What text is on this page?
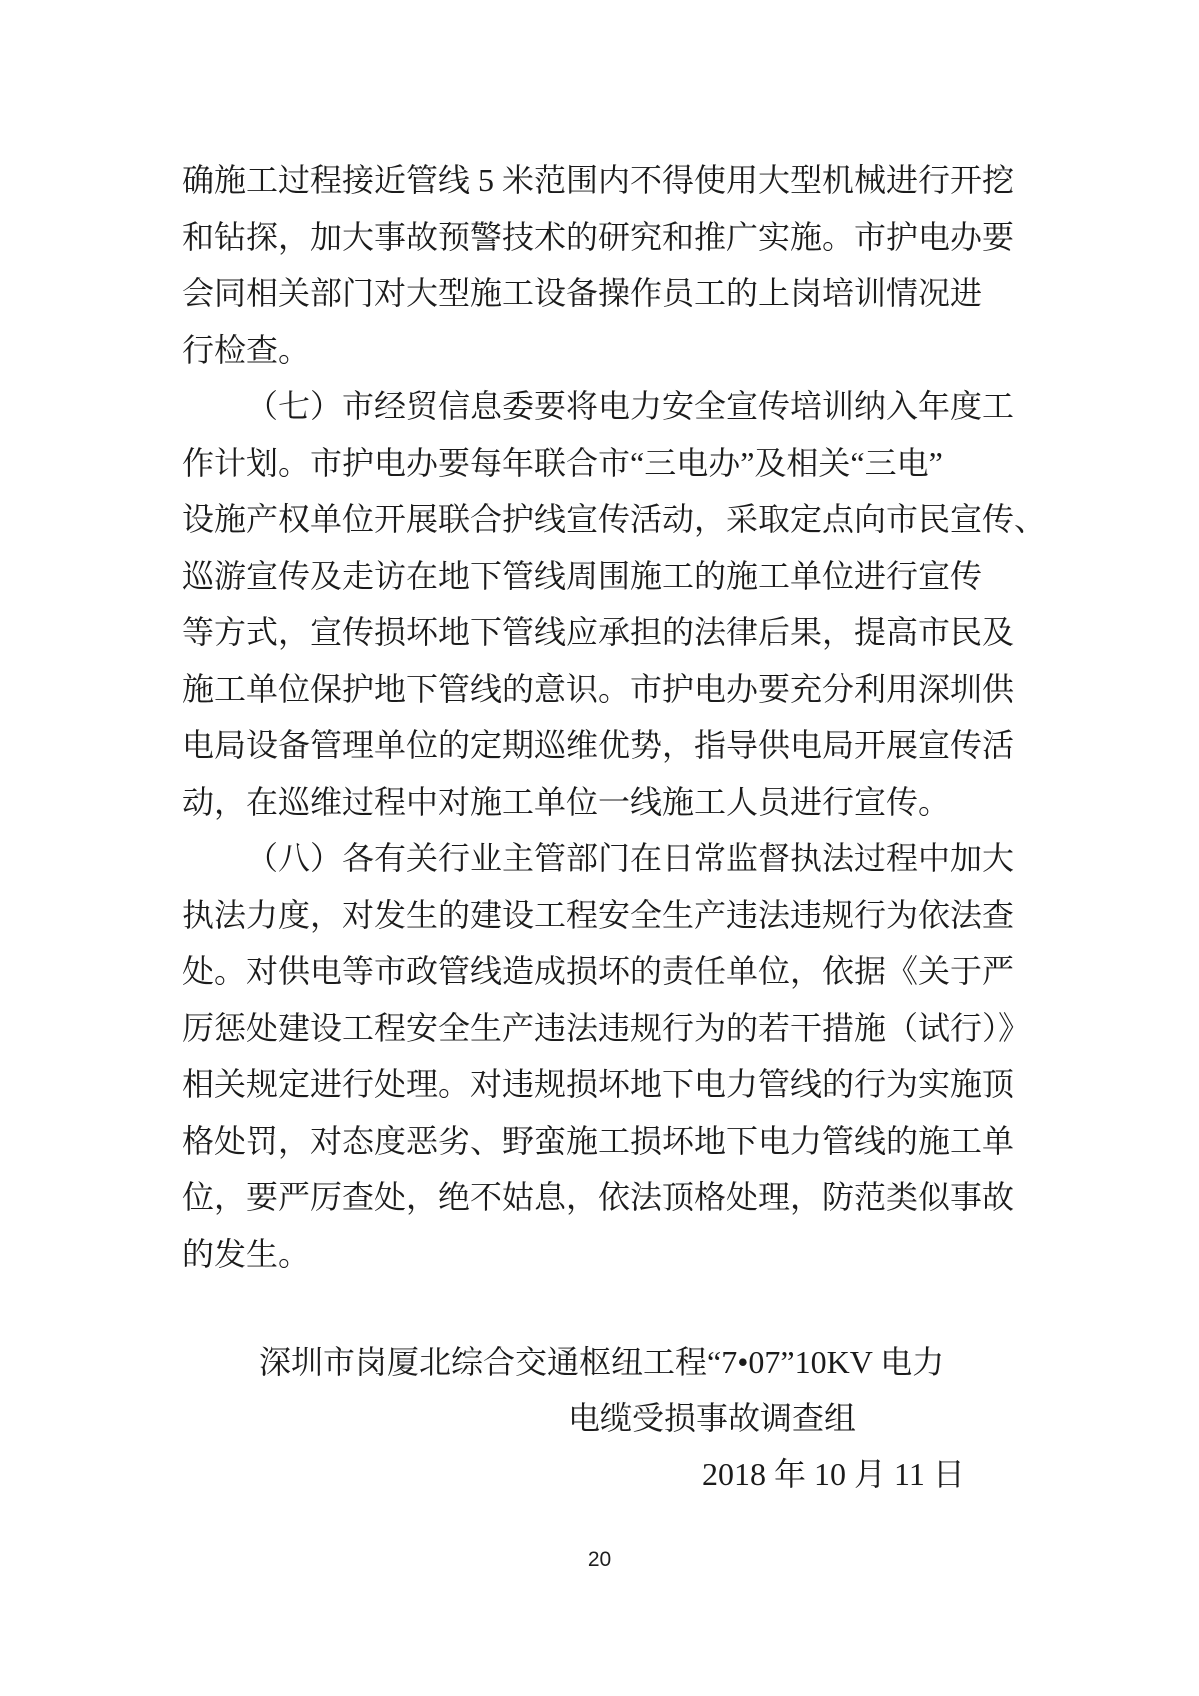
确施工过程接近管线 5 米范围内不得使用大型机械进行开挖
和钻探，加大事故预警技术的研究和推广实施。市护电办要
会同相关部门对大型施工设备操作员工的上岗培训情况进
行检查。
（七）市经贸信息委要将电力安全宣传培训纳入年度工
作计划。市护电办要每年联合市“三电办”及相关“三电”
设施产权单位开展联合护线宣传活动，采取定点向市民宣传、
巡游宣传及走访在地下管线周围施工的施工单位进行宣传
等方式，宣传损坏地下管线应承担的法律后果，提高市民及
施工单位保护地下管线的意识。市护电办要充分利用深圳供
电局设备管理单位的定期巡维优势，指导供电局开展宣传活
动，在巡维过程中对施工单位一线施工人员进行宣传。
（八）各有关行业主管部门在日常监督执法过程中加大
执法力度，对发生的建设工程安全生产违法违规行为依法查
处。对供电等市政管线造成损坏的责任单位，依据《关于严
厉惩处建设工程安全生产违法违规行为的若干措施（试行）》
相关规定进行处理。对违规损坏地下电力管线的行为实施顶
格处罚，对态度恶劣、野蛮施工损坏地下电力管线的施工单
位，要严厉查处，绝不姑息，依法顶格处理，防范类似事故
的发生。
深圳市岗厦北综合交通枢纽工程“7•07”10KV 电力
电缆受损事故调查组
2018 年 10 月 11 日
20
